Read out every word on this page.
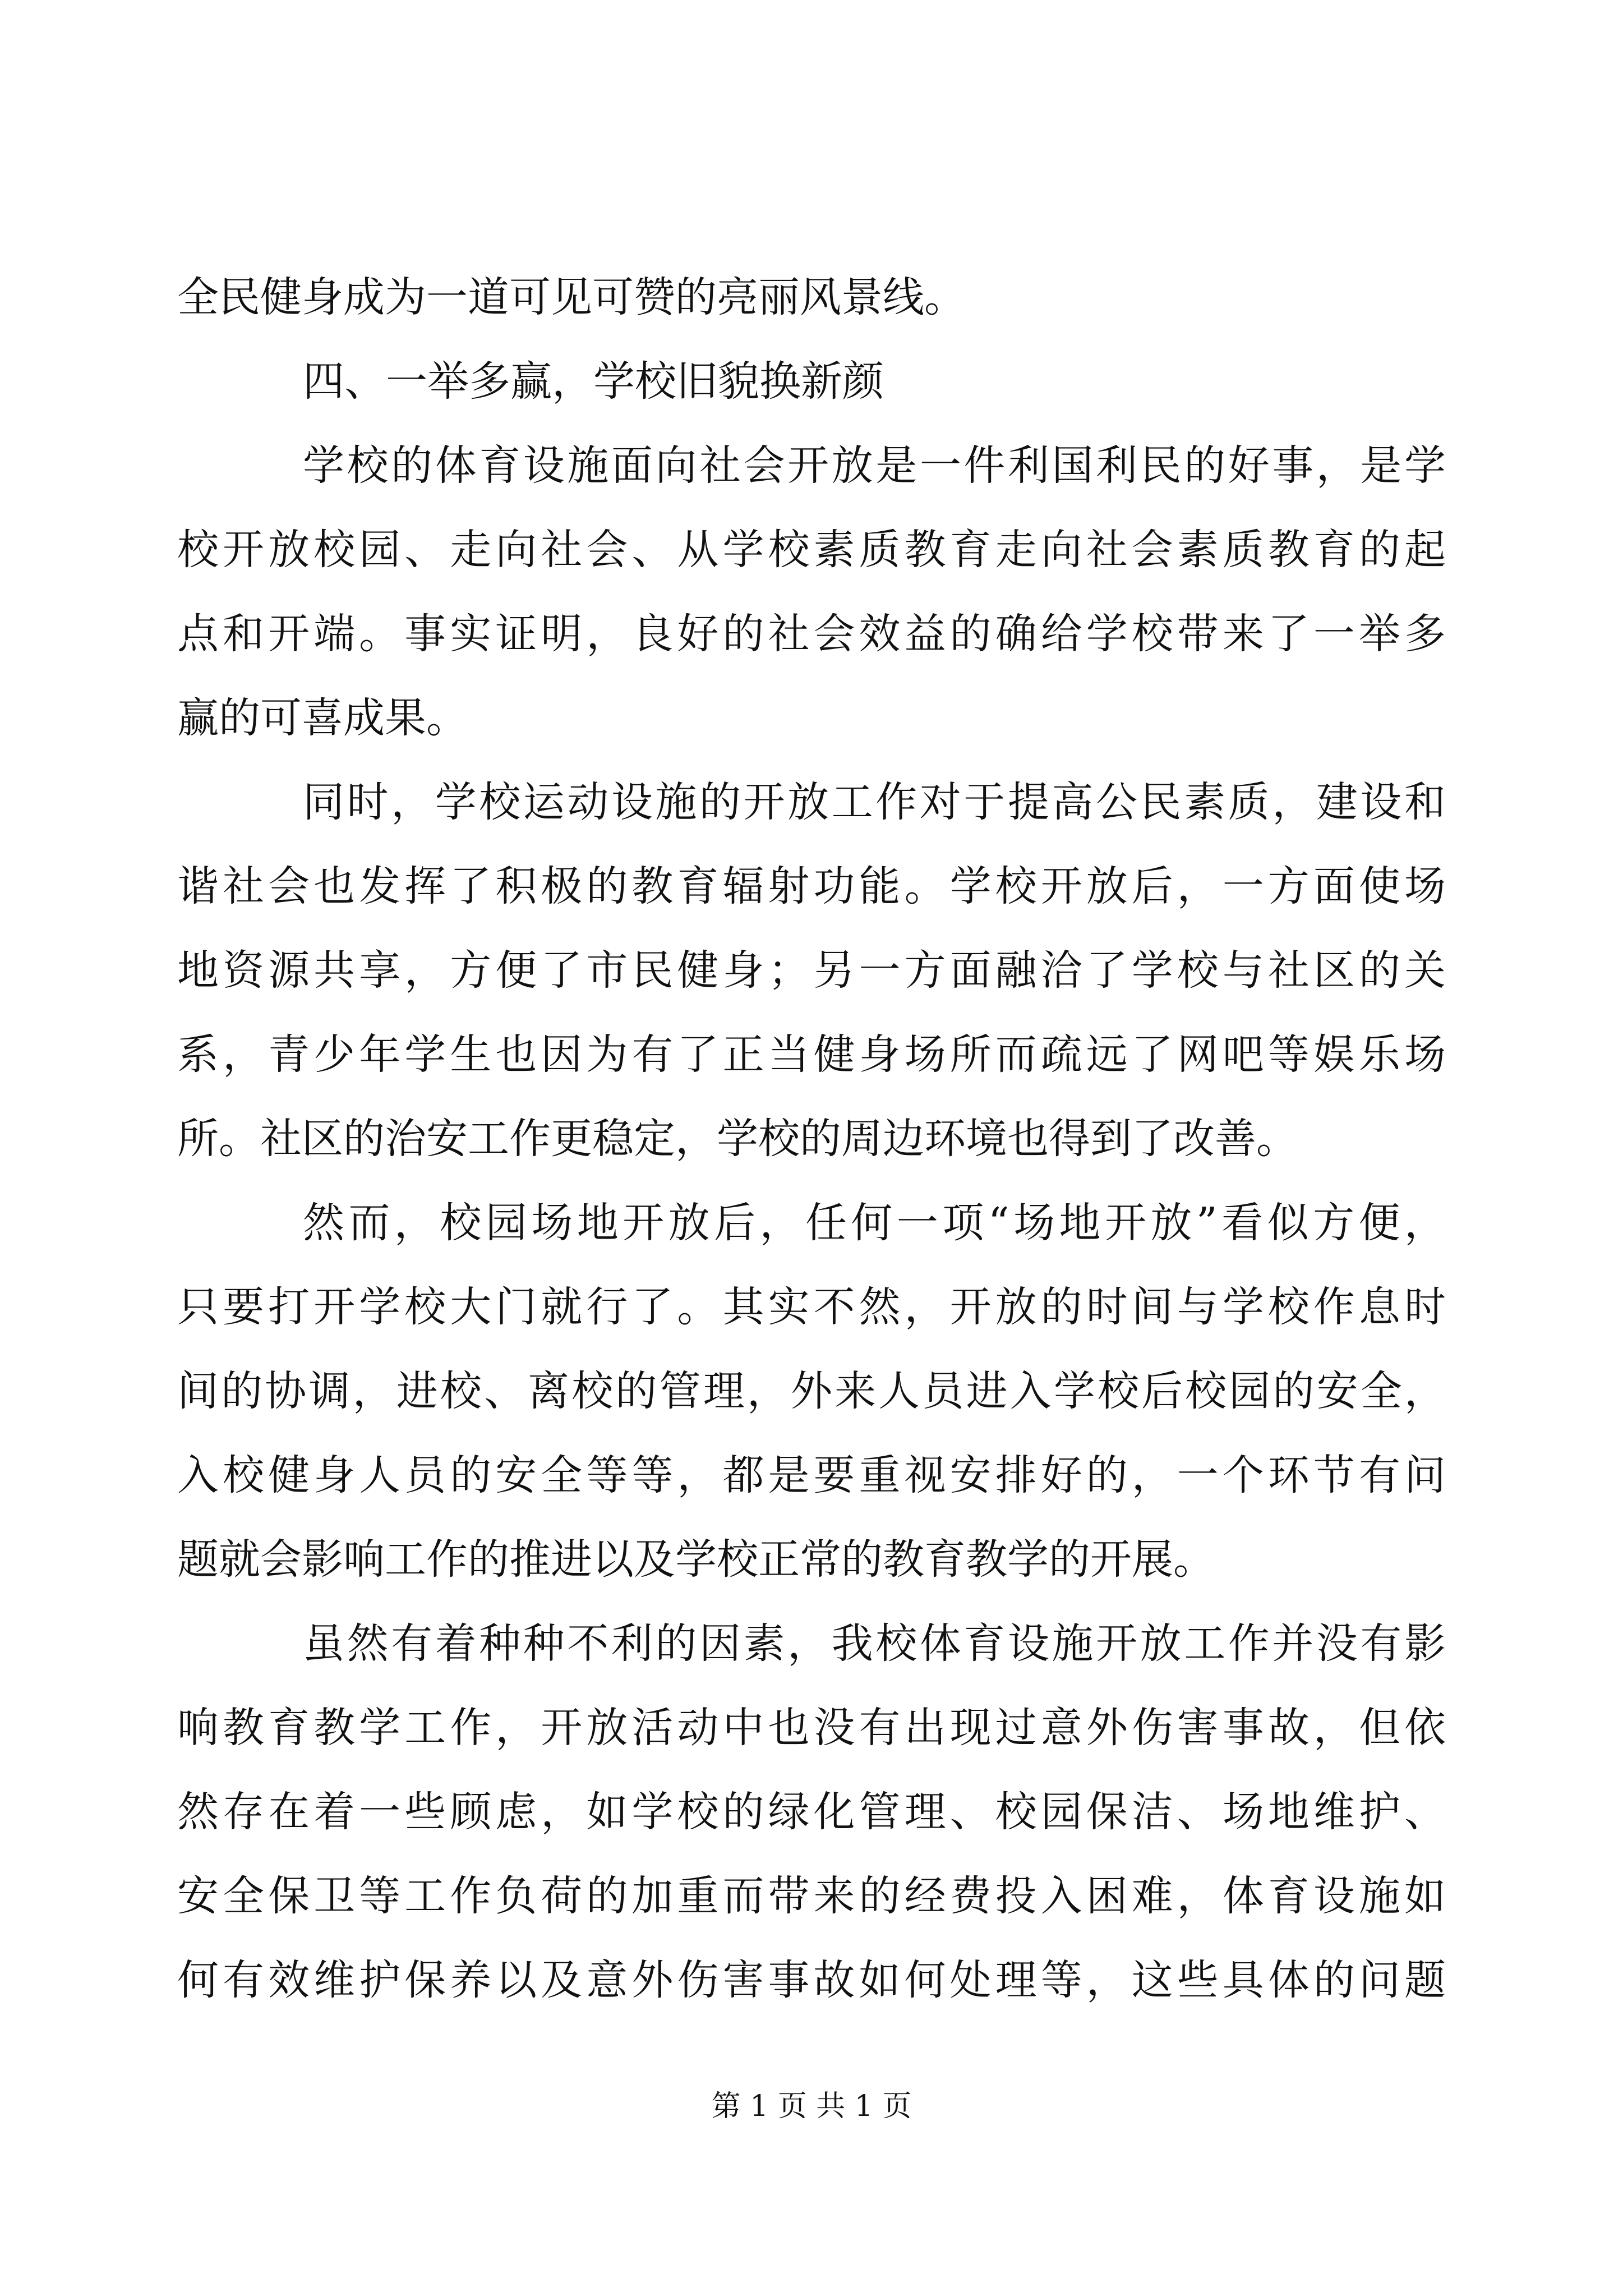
全民健身成为一道可见可赞的亮丽风景线。
四、一举多赢，学校旧貌换新颜
学校的体育设施面向社会开放是一件利国利民的好事，是学
校开放校园、走向社会、从学校素质教育走向社会素质教育的起
点和开端。事实证明，良好的社会效益的确给学校带来了一举多
赢的可喜成果。
同时，学校运动设施的开放工作对于提高公民素质，建设和
谐社会也发挥了积极的教育辐射功能。学校开放后，一方面使场
地资源共享，方便了市民健身；另一方面融洽了学校与社区的关
系，青少年学生也因为有了正当健身场所而疏远了网吧等娱乐场
所。社区的治安工作更稳定，学校的周边环境也得到了改善。
然而，校园场地开放后，任何一项“场地开放”看似方便，
只要打开学校大门就行了。其实不然，开放的时间与学校作息时
间的协调，进校、离校的管理，外来人员进入学校后校园的安全，
入校健身人员的安全等等，都是要重视安排好的，一个环节有问
题就会影响工作的推进以及学校正常的教育教学的开展。
虽然有着种种不利的因素，我校体育设施开放工作并没有影
响教育教学工作，开放活动中也没有出现过意外伤害事故，但依
然存在着一些顾虑，如学校的绿化管理、校园保洁、场地维护、
安全保卫等工作负荷的加重而带来的经费投入困难，体育设施如
何有效维护保养以及意外伤害事故如何处理等，这些具体的问题
第 1 页 共 1 页
